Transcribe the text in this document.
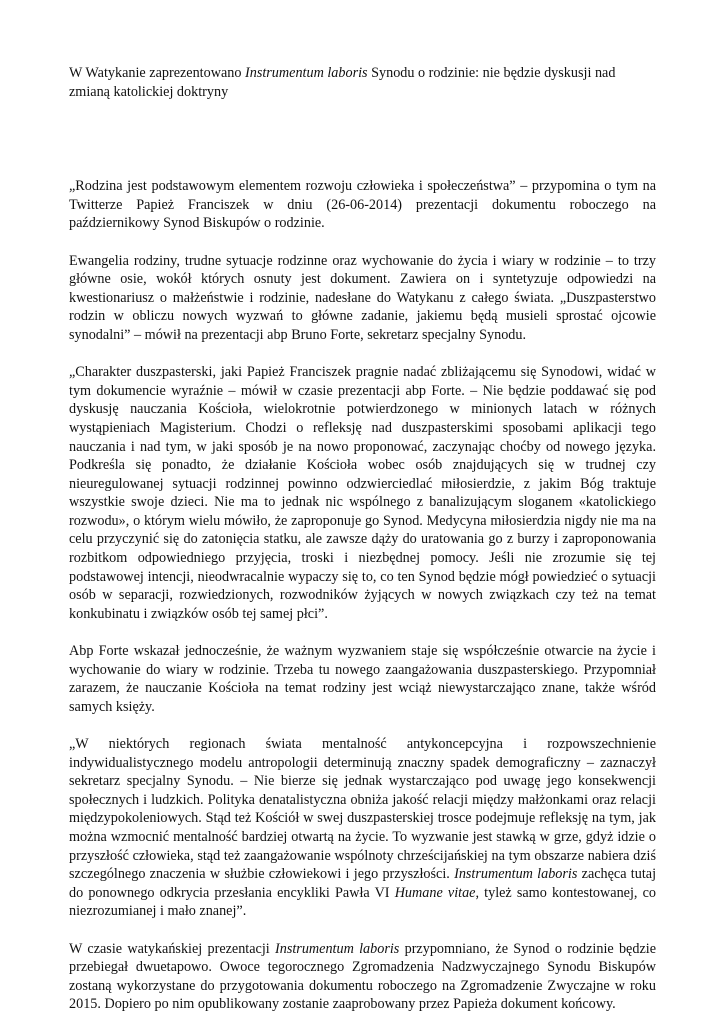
W Watykanie zaprezentowano Instrumentum laboris Synodu o rodzinie: nie będzie dyskusji nad zmianą katolickiej doktryny

„Rodzina jest podstawowym elementem rozwoju człowieka i społeczeństwa” – przypomina o tym na Twitterze Papież Franciszek w dniu (26-06-2014) prezentacji dokumentu roboczego na październikowy Synod Biskupów o rodzinie.

Ewangelia rodziny, trudne sytuacje rodzinne oraz wychowanie do życia i wiary w rodzinie – to trzy główne osie, wokół których osnuty jest dokument. Zawiera on i syntetyzuje odpowiedzi na kwestionariusz o małżeństwie i rodzinie, nadesłane do Watykanu z całego świata. „Duszpasterstwo rodzin w obliczu nowych wyzwań to główne zadanie, jakiemu będą musieli sprostać ojcowie synodalni” – mówił na prezentacji abp Bruno Forte, sekretarz specjalny Synodu.

„Charakter duszpasterski, jaki Papież Franciszek pragnie nadać zbliżającemu się Synodowi, widać w tym dokumencie wyraźnie – mówił w czasie prezentacji abp Forte. – Nie będzie poddawać się pod dyskusję nauczania Kościoła, wielokrotnie potwierdzonego w minionych latach w różnych wystąpieniach Magisterium. Chodzi o refleksję nad duszpasterskimi sposobami aplikacji tego nauczania i nad tym, w jaki sposób je na nowo proponować, zaczynając choćby od nowego języka. Podkreśla się ponadto, że działanie Kościoła wobec osób znajdujących się w trudnej czy nieuregulowanej sytuacji rodzinnej powinno odzwierciedlać miłosierdzie, z jakim Bóg traktuje wszystkie swoje dzieci. Nie ma to jednak nic wspólnego z banalizującym sloganem «katolickiego rozwodu», o którym wielu mówiło, że zaproponuje go Synod. Medycyna miłosierdzia nigdy nie ma na celu przyczynić się do zatonięcia statku, ale zawsze dąży do uratowania go z burzy i zaproponowania rozbitkom odpowiedniego przyjęcia, troski i niezbędnej pomocy. Jeśli nie zrozumie się tej podstawowej intencji, nieodwracalnie wypaczy się to, co ten Synod będzie mógł powiedzieć o sytuacji osób w separacji, rozwiedzionych, rozwodników żyjących w nowych związkach czy też na temat konkubinatu i związków osób tej samej płci”.

Abp Forte wskazał jednocześnie, że ważnym wyzwaniem staje się współcześnie otwarcie na życie i wychowanie do wiary w rodzinie. Trzeba tu nowego zaangażowania duszpasterskiego. Przypomniał zarazem, że nauczanie Kościoła na temat rodziny jest wciąż niewystarczająco znane, także wśród samych księży.

„W niektórych regionach świata mentalność antykoncepcyjna i rozpowszechnienie indywidualistycznego modelu antropologii determinują znaczny spadek demograficzny – zaznaczył sekretarz specjalny Synodu. – Nie bierze się jednak wystarczająco pod uwagę jego konsekwencji społecznych i ludzkich. Polityka denatalistyczna obniża jakość relacji między małżonkami oraz relacji międzypokoleniowych. Stąd też Kościół w swej duszpasterskiej trosce podejmuje refleksję na tym, jak można wzmocnić mentalność bardziej otwartą na życie. To wyzwanie jest stawką w grze, gdyż idzie o przyszłość człowieka, stąd też zaangażowanie wspólnoty chrześcijańskiej na tym obszarze nabiera dziś szczególnego znaczenia w służbie człowiekowi i jego przyszłości. Instrumentum laboris zachęca tutaj do ponownego odkrycia przesłania encykliki Pawła VI Humane vitae, tyleż samo kontestowanej, co niezrozumianej i mało znanej”.

W czasie watykańskiej prezentacji Instrumentum laboris przypomniano, że Synod o rodzinie będzie przebiegał dwuetapowo. Owoce tegorocznego Zgromadzenia Nadzwyczajnego Synodu Biskupów zostaną wykorzystane do przygotowania dokumentu roboczego na Zgromadzenie Zwyczajne w roku 2015. Dopiero po nim opublikowany zostanie zaaprobowany przez Papieża dokument końcowy.
